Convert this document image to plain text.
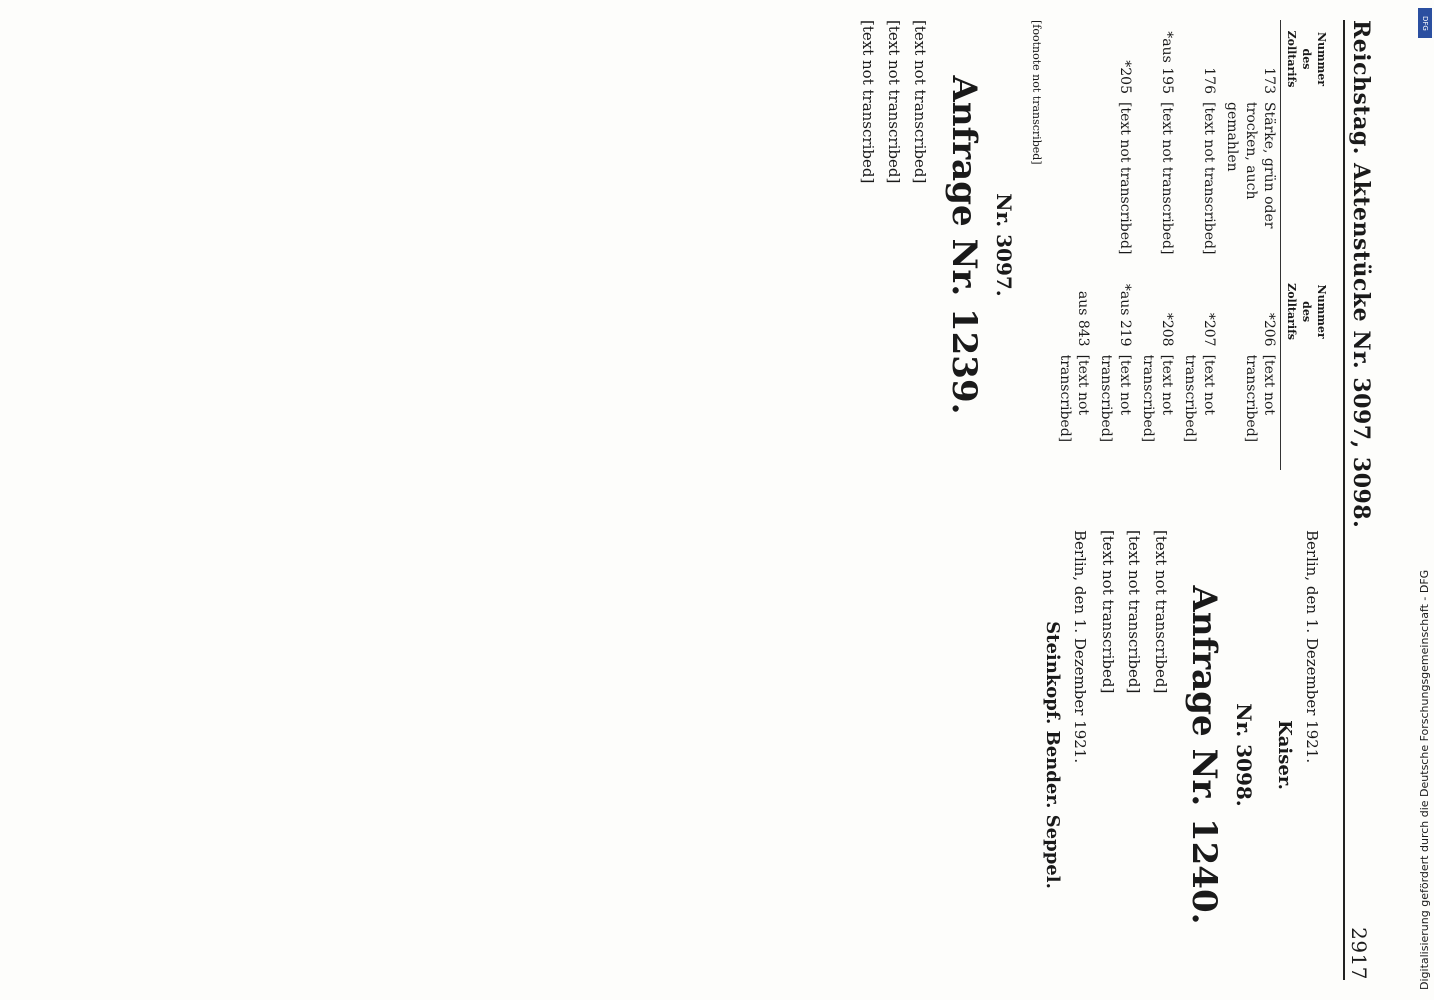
Reichstag. Aktenstücke Nr. 3097, 3098.
2917
Nummer des Zolltarifs		Nummer des Zolltarifs	
173	Stärke, grün oder trocken, auch gemahlen	*206	[text not transcribed]
176	[text not transcribed]	*207	[text not transcribed]
*aus 195	[text not transcribed]	*208	[text not transcribed]
*205	[text not transcribed]	*aus 219	[text not transcribed]
		aus 843	[text not transcribed]

[footnote not transcribed]

Nr. 3097.
Anfrage Nr. 1239.

[text not transcribed]

[text not transcribed]

[text not transcribed]

Berlin, den 1. Dezember 1921.
Kaiser.
Nr. 3098.
Anfrage Nr. 1240.

[text not transcribed]

[text not transcribed]

[text not transcribed]

Berlin, den 1. Dezember 1921.
Steinkopf. Bender. Seppel.
DFG
Digitalisierung gefördert durch die Deutsche Forschungsgemeinschaft - DFG
